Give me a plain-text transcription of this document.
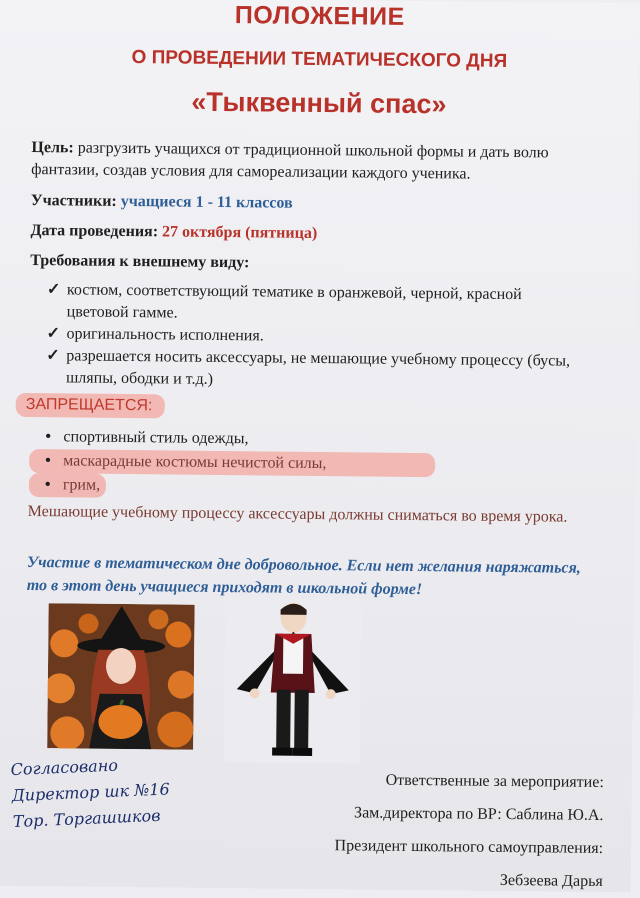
ПОЛОЖЕНИЕ
О ПРОВЕДЕНИИ ТЕМАТИЧЕСКОГО ДНЯ
«Тыквенный спас»
Цель: разгрузить учащихся от традиционной школьной формы и дать волю фантазии, создав условия для самореализации каждого ученика.
Участники: учащиеся 1 - 11 классов
Дата проведения: 27 октября (пятница)
Требования к внешнему виду:
✓ костюм, соответствующий тематике в оранжевой, черной, красной цветовой гамме.
✓ оригинальность исполнения.
✓ разрешается носить аксессуары, не мешающие учебному процессу (бусы, шляпы, ободки и т.д.)
ЗАПРЕЩАЕТСЯ:
• спортивный стиль одежды,
• маскарадные костюмы нечистой силы,
• грим,
Мешающие учебному процессу аксессуары должны сниматься во время урока.
Участие в тематическом дне добровольное. Если нет желания наряжаться, то в этот день учащиеся приходят в школьной форме!
Согласовано
Директор шк №16
Тор. Торгашшков
Ответственные за мероприятие:
Зам.директора по ВР: Саблина Ю.А.
Президент школьного самоуправления:
Зебзеева Дарья
